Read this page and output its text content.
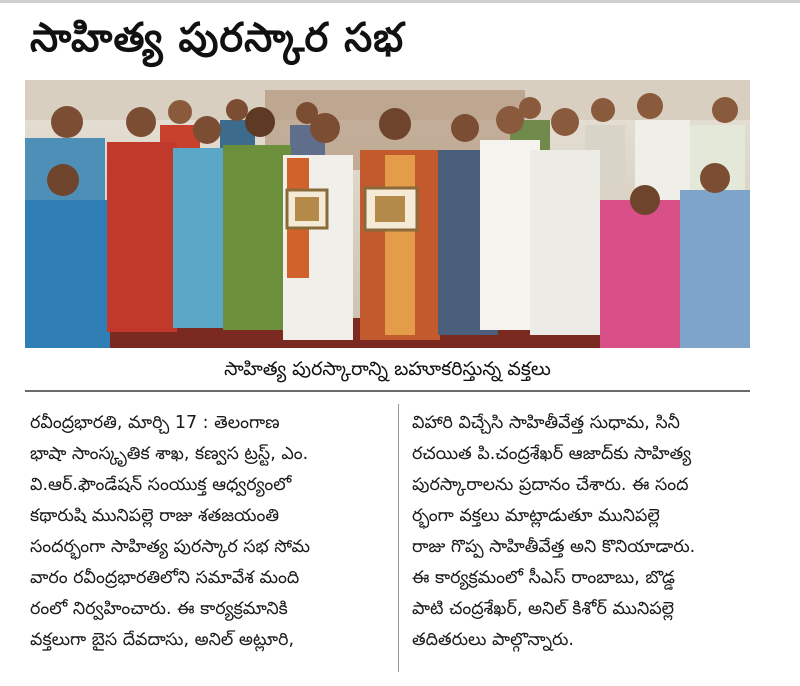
సాహిత్య పురస్కార సభ
సాహిత్య పురస్కారాన్ని బహూకరిస్తున్న వక్తలు

రవీంద్రభారతి, మార్చి 17 : తెలంగాణ

భాషా సాంస్కృతిక శాఖ, కణ్వస ట్రస్ట్, ఎం.

వి.ఆర్.ఫౌండేషన్ సంయుక్త ఆధ్వర్యంలో

కథారుషి మునిపల్లె రాజు శతజయంతి

సందర్భంగా సాహిత్య పురస్కార సభ సోమ

వారం రవీంద్రభారతిలోని సమావేశ మంది

రంలో నిర్వహించారు. ఈ కార్యక్రమానికి

వక్తలుగా బైస దేవదాసు, అనిల్ అట్లూరి,

విహారి విచ్చేసి సాహితీవేత్త సుధామ, సినీ

రచయిత పి.చంద్రశేఖర్ ఆజాద్‌కు సాహిత్య

పురస్కారాలను ప్రదానం చేశారు. ఈ సంద

ర్భంగా వక్తలు మాట్లాడుతూ మునిపల్లె

రాజు గొప్ప సాహితీవేత్త అని కొనియాడారు.

ఈ కార్యక్రమంలో సీఎస్ రాంబాబు, బొడ్డ

పాటి చంద్రశేఖర్, అనిల్ కిశోర్ మునిపల్లె

తదితరులు పాల్గొన్నారు.
